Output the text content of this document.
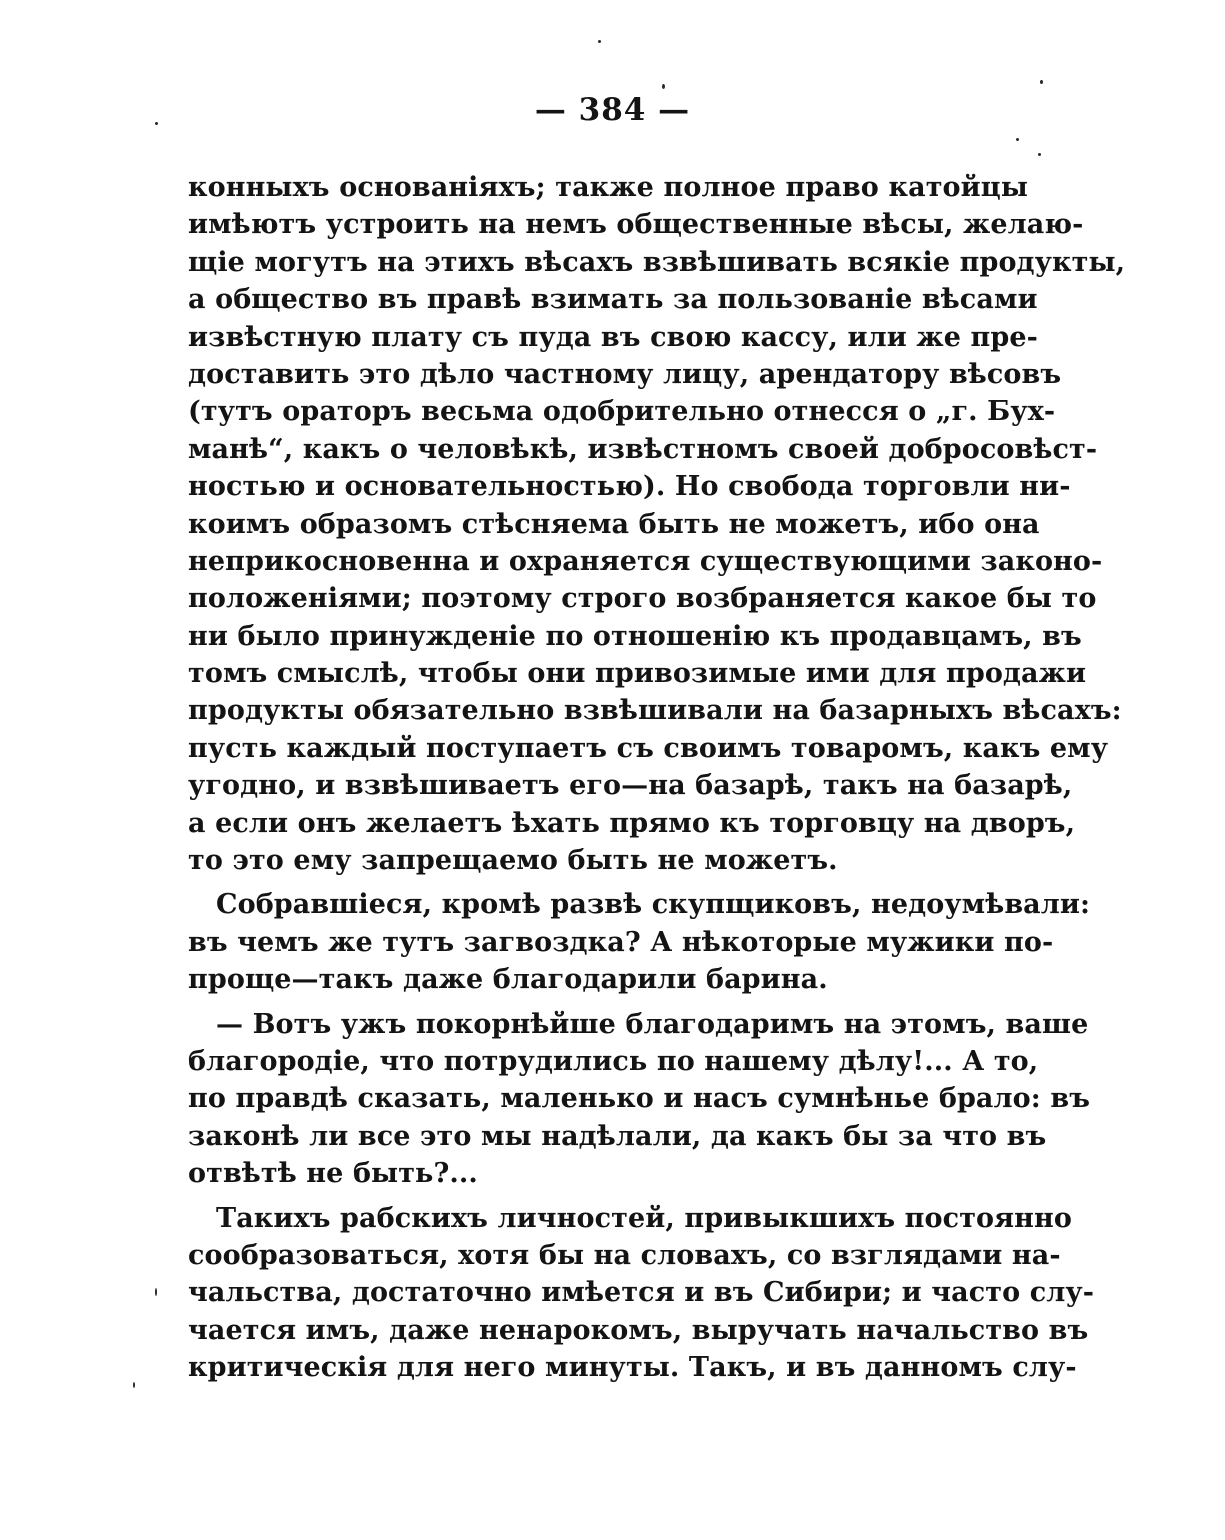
— 384 —
конныхъ основаніяхъ; также полное право катойцы
имѣютъ устроить на немъ общественные вѣсы, желаю-
щіе могутъ на этихъ вѣсахъ взвѣшивать всякіе продукты,
а общество въ правѣ взимать за пользованіе вѣсами
извѣстную плату съ пуда въ свою кассу, или же пре-
доставить это дѣло частному лицу, арендатору вѣсовъ
(тутъ ораторъ весьма одобрительно отнесся о „г. Бух-
манѣ“, какъ о человѣкѣ, извѣстномъ своей добросовѣст-
ностью и основательностью). Но свобода торговли ни-
коимъ образомъ стѣсняема быть не можетъ, ибо она
неприкосновенна и охраняется существующими законо-
положеніями; поэтому строго возбраняется какое бы то
ни было принужденіе по отношенію къ продавцамъ, въ
томъ смыслѣ, чтобы они привозимые ими для продажи
продукты обязательно взвѣшивали на базарныхъ вѣсахъ:
пусть каждый поступаетъ съ своимъ товаромъ, какъ ему
угодно, и взвѣшиваетъ его—на базарѣ, такъ на базарѣ,
а если онъ желаетъ ѣхать прямо къ торговцу на дворъ,
то это ему запрещаемо быть не можетъ.
Собравшіеся, кромѣ развѣ скупщиковъ, недоумѣвали:
въ чемъ же тутъ загвоздка? А нѣкоторые мужики по-
проще—такъ даже благодарили барина.
— Вотъ ужъ покорнѣйше благодаримъ на этомъ, ваше
благородіе, что потрудились по нашему дѣлу!... А то,
по правдѣ сказать, маленько и насъ сумнѣнье брало: въ
законѣ ли все это мы надѣлали, да какъ бы за что въ
отвѣтѣ не быть?...
Такихъ рабскихъ личностей, привыкшихъ постоянно
сообразоваться, хотя бы на словахъ, со взглядами на-
чальства, достаточно имѣется и въ Сибири; и часто слу-
чается имъ, даже ненарокомъ, выручать начальство въ
критическія для него минуты. Такъ, и въ данномъ слу-
